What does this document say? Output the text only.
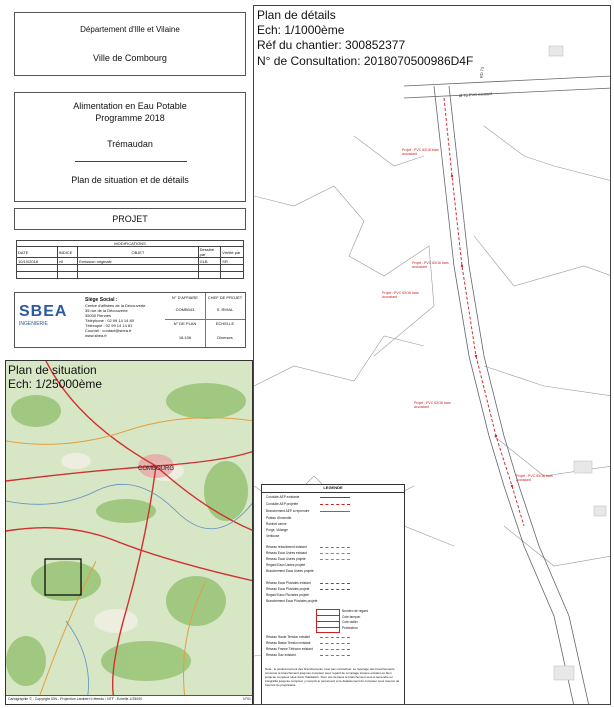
Département d'Ille et Vilaine
Ville de Combourg
Alimentation en Eau Potable
Programme 2018
Trémaudan
Plan de situation et de détails
PROJET
MODIFICATIONS
DATE	INDICE	OBJET	Dessiné par	Vérifié par
10/10/2018	v0	Emission originale	GLB	SR

SBEA
INGENIERIE
Siège Social :
Centre d'affaires de la Découverte
35 rue de la Découverte
35000 Rennes
Téléphone : 02 99 14 14 80
Télécopie : 02 99 14 14 81
Courriel : contact@sbea.fr
www.sbea.fr
N° D'AFFAIRE	CHEF DE PROJET
COMB043	S. RIHAL
N° DE PLAN	ECHELLE
18.106	Diverses
COMBOURG
Plan de situation
Ech: 1/25000ème
Cartographie © - Copyright IGN - Projection Lambert II étendu / NTF - Echelle 1/25000	N°01
Plan de détails
Ech: 1/1000ème
Réf du chantier: 300852377
N° de Consultation: 2018070500986D4F
Ø 75 PVC existant
RD 73
Projet : PVC 63/16 bars accostant
Projet : PVC 63/16 bars accostant
Projet : PVC 63/16 bars accostant
Projet : PVC 63/16 bars accostant
Projet : PVC 63/16 bars accostant
LEGENDE
Conduite AEP existante
Conduite AEP projetée
Branchement AEP à reprendre
Poteau d'incendie
Robinet vanne
Purge, Vidange
Ventouse
Réseau refoulement existant
Réseau Eaux Usées existant
Réseau Eaux Usées projeté
Regard Eaux Usées projeté
Branchement Eaux Usées projeté
Réseau Eaux Pluviales existant
Réseau Eaux Pluviales projeté
Regard Eaux Pluviales projeté
Branchement Eaux Pluviales projeté
Réseau Haute Tension existant
Réseau Basse Tension existant
Réseau France Télécom existant
Réseau Gaz existant
Numéro de regard
Cote tampon
Cote radier
Profondeur
Nota : le positionnement des branchements n'est pas contractuel. Le repérage des branchements concerne le branchement jusqu'au compteur avec regard de comptage lorsque existant ou bien jusqu'au compteur situé dans l'habitation. Pour ces derniers le branchement sera à reprendre en intégralité jusqu'au compteur y compris le percement et le déplacement du compteur sous réserve de l'accord du propriétaire.
